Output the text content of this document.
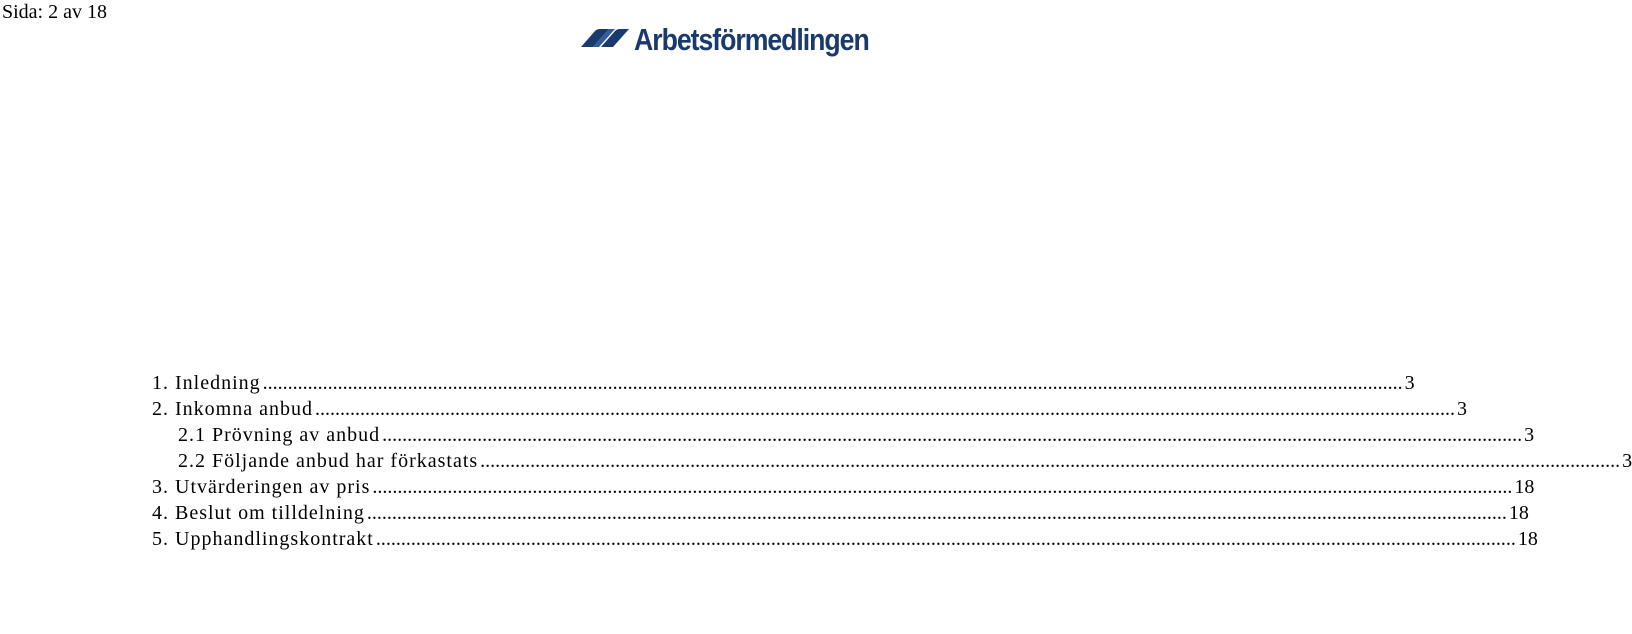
Sida: 2 av 18
Arbetsförmedlingen
1. Inledning .....	3
2. Inkomna anbud .....	3
2.1 Prövning av anbud .....	3
2.2 Följande anbud har förkastats .....	3
3. Utvärderingen av pris .....	18
4. Beslut om tilldelning .....	18
5. Upphandlingskontrakt .....	18
